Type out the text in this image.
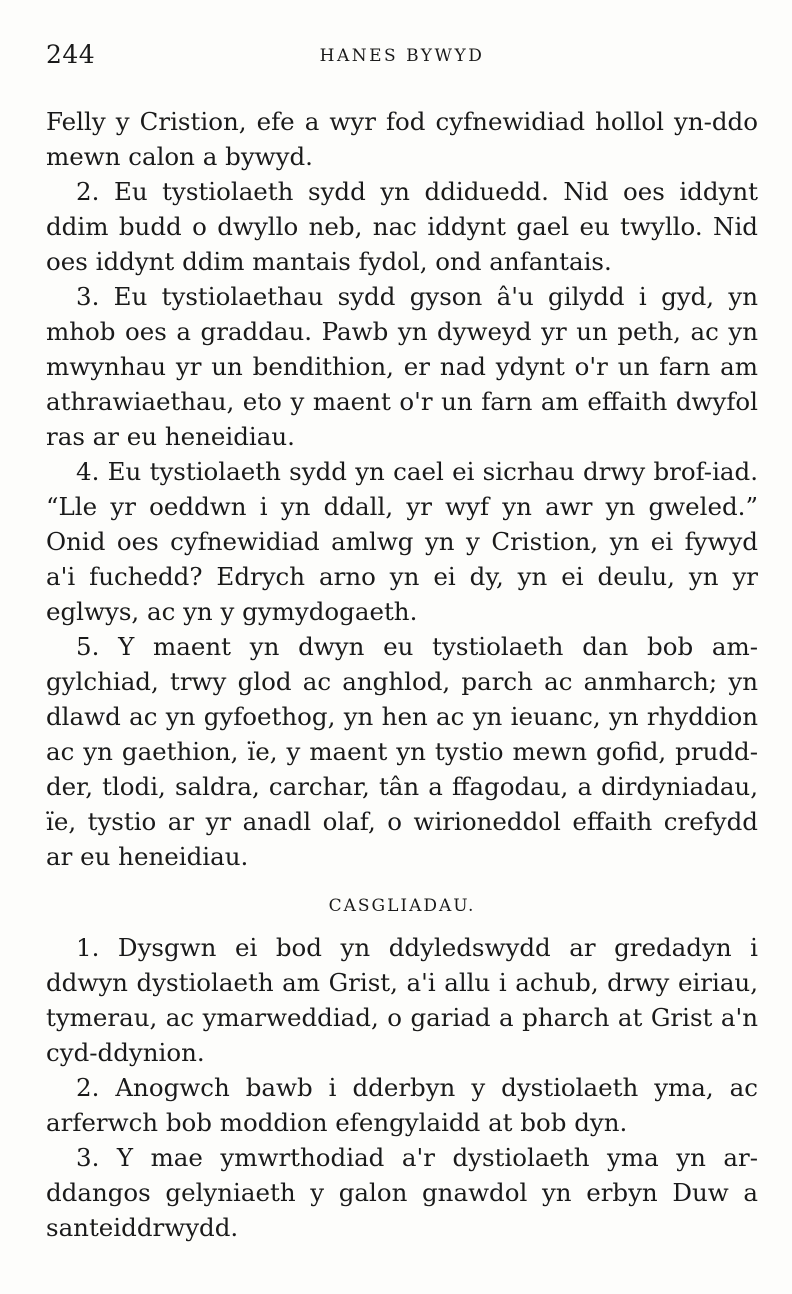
244	HANES BYWYD

Felly y Cristion, efe a wyr fod cyfnewidiad hollol yn-ddo mewn calon a bywyd.

2. Eu tystiolaeth sydd yn ddiduedd. Nid oes iddynt ddim budd o dwyllo neb, nac iddynt gael eu twyllo. Nid oes iddynt ddim mantais fydol, ond anfantais.

3. Eu tystiolaethau sydd gyson â'u gilydd i gyd, yn mhob oes a graddau. Pawb yn dyweyd yr un peth, ac yn mwynhau yr un bendithion, er nad ydynt o'r un farn am athrawiaethau, eto y maent o'r un farn am effaith dwyfol ras ar eu heneidiau.

4. Eu tystiolaeth sydd yn cael ei sicrhau drwy brof-iad. “Lle yr oeddwn i yn ddall, yr wyf yn awr yn gweled.” Onid oes cyfnewidiad amlwg yn y Cristion, yn ei fywyd a'i fuchedd? Edrych arno yn ei dy, yn ei deulu, yn yr eglwys, ac yn y gymydogaeth.

5. Y maent yn dwyn eu tystiolaeth dan bob am-gylchiad, trwy glod ac anghlod, parch ac anmharch; yn dlawd ac yn gyfoethog, yn hen ac yn ieuanc, yn rhyddion ac yn gaethion, ïe, y maent yn tystio mewn gofid, prudd-der, tlodi, saldra, carchar, tân a ffagodau, a dirdyniadau, ïe, tystio ar yr anadl olaf, o wirioneddol effaith crefydd ar eu heneidiau.

CASGLIADAU.

1. Dysgwn ei bod yn ddyledswydd ar gredadyn i ddwyn dystiolaeth am Grist, a'i allu i achub, drwy eiriau, tymerau, ac ymarweddiad, o gariad a pharch at Grist a'n cyd-ddynion.

2. Anogwch bawb i dderbyn y dystiolaeth yma, ac arferwch bob moddion efengylaidd at bob dyn.

3. Y mae ymwrthodiad a'r dystiolaeth yma yn ar-ddangos gelyniaeth y galon gnawdol yn erbyn Duw a santeiddrwydd.
